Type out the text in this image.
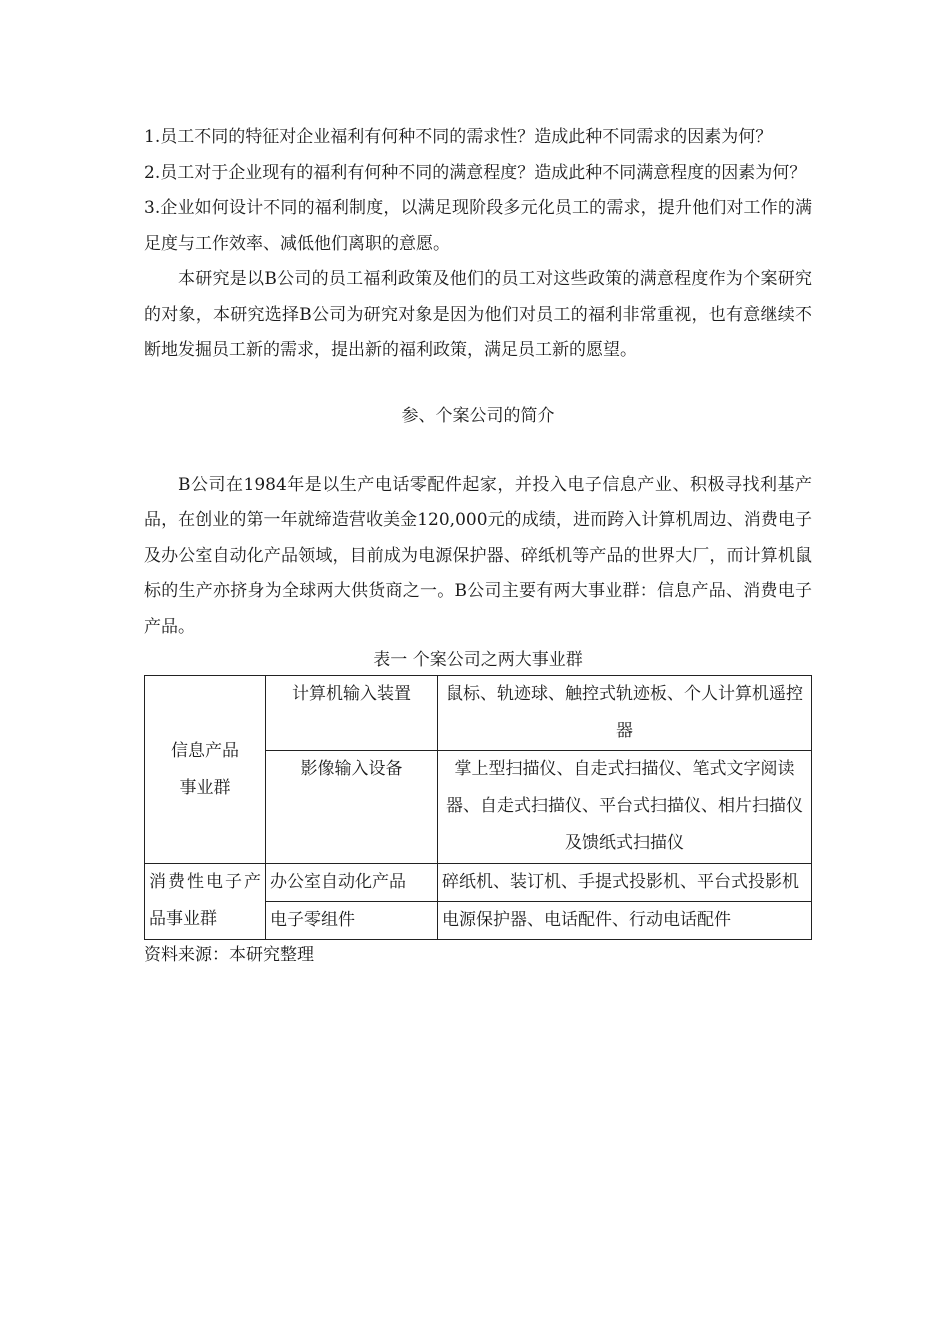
1.员工不同的特征对企业福利有何种不同的需求性？造成此种不同需求的因素为何？

2.员工对于企业现有的福利有何种不同的满意程度？造成此种不同满意程度的因素为何？

3.企业如何设计不同的福利制度，以满足现阶段多元化员工的需求，提升他们对工作的满足度与工作效率、减低他们离职的意愿。

本研究是以B公司的员工福利政策及他们的员工对这些政策的满意程度作为个案研究的对象，本研究选择B公司为研究对象是因为他们对员工的福利非常重视，也有意继续不断地发掘员工新的需求，提出新的福利政策，满足员工新的愿望。

参、个案公司的简介

B公司在1984年是以生产电话零配件起家，并投入电子信息产业、积极寻找利基产品，在创业的第一年就缔造营收美金120,000元的成绩，进而跨入计算机周边、消费电子及办公室自动化产品领域，目前成为电源保护器、碎纸机等产品的世界大厂，而计算机鼠标的生产亦挤身为全球两大供货商之一。B公司主要有两大事业群：信息产品、消费电子产品。

表一 个案公司之两大事业群

信息产品
事业群	计算机输入装置	鼠标、轨迹球、触控式轨迹板、个人计算机遥控器
	影像输入设备	掌上型扫描仪、自走式扫描仪、笔式文字阅读器、自走式扫描仪、平台式扫描仪、相片扫描仪及馈纸式扫描仪
消费性电子产品事业群	办公室自动化产品	碎纸机、装订机、手提式投影机、平台式投影机
	电子零组件	电源保护器、电话配件、行动电话配件

资料来源：本研究整理
